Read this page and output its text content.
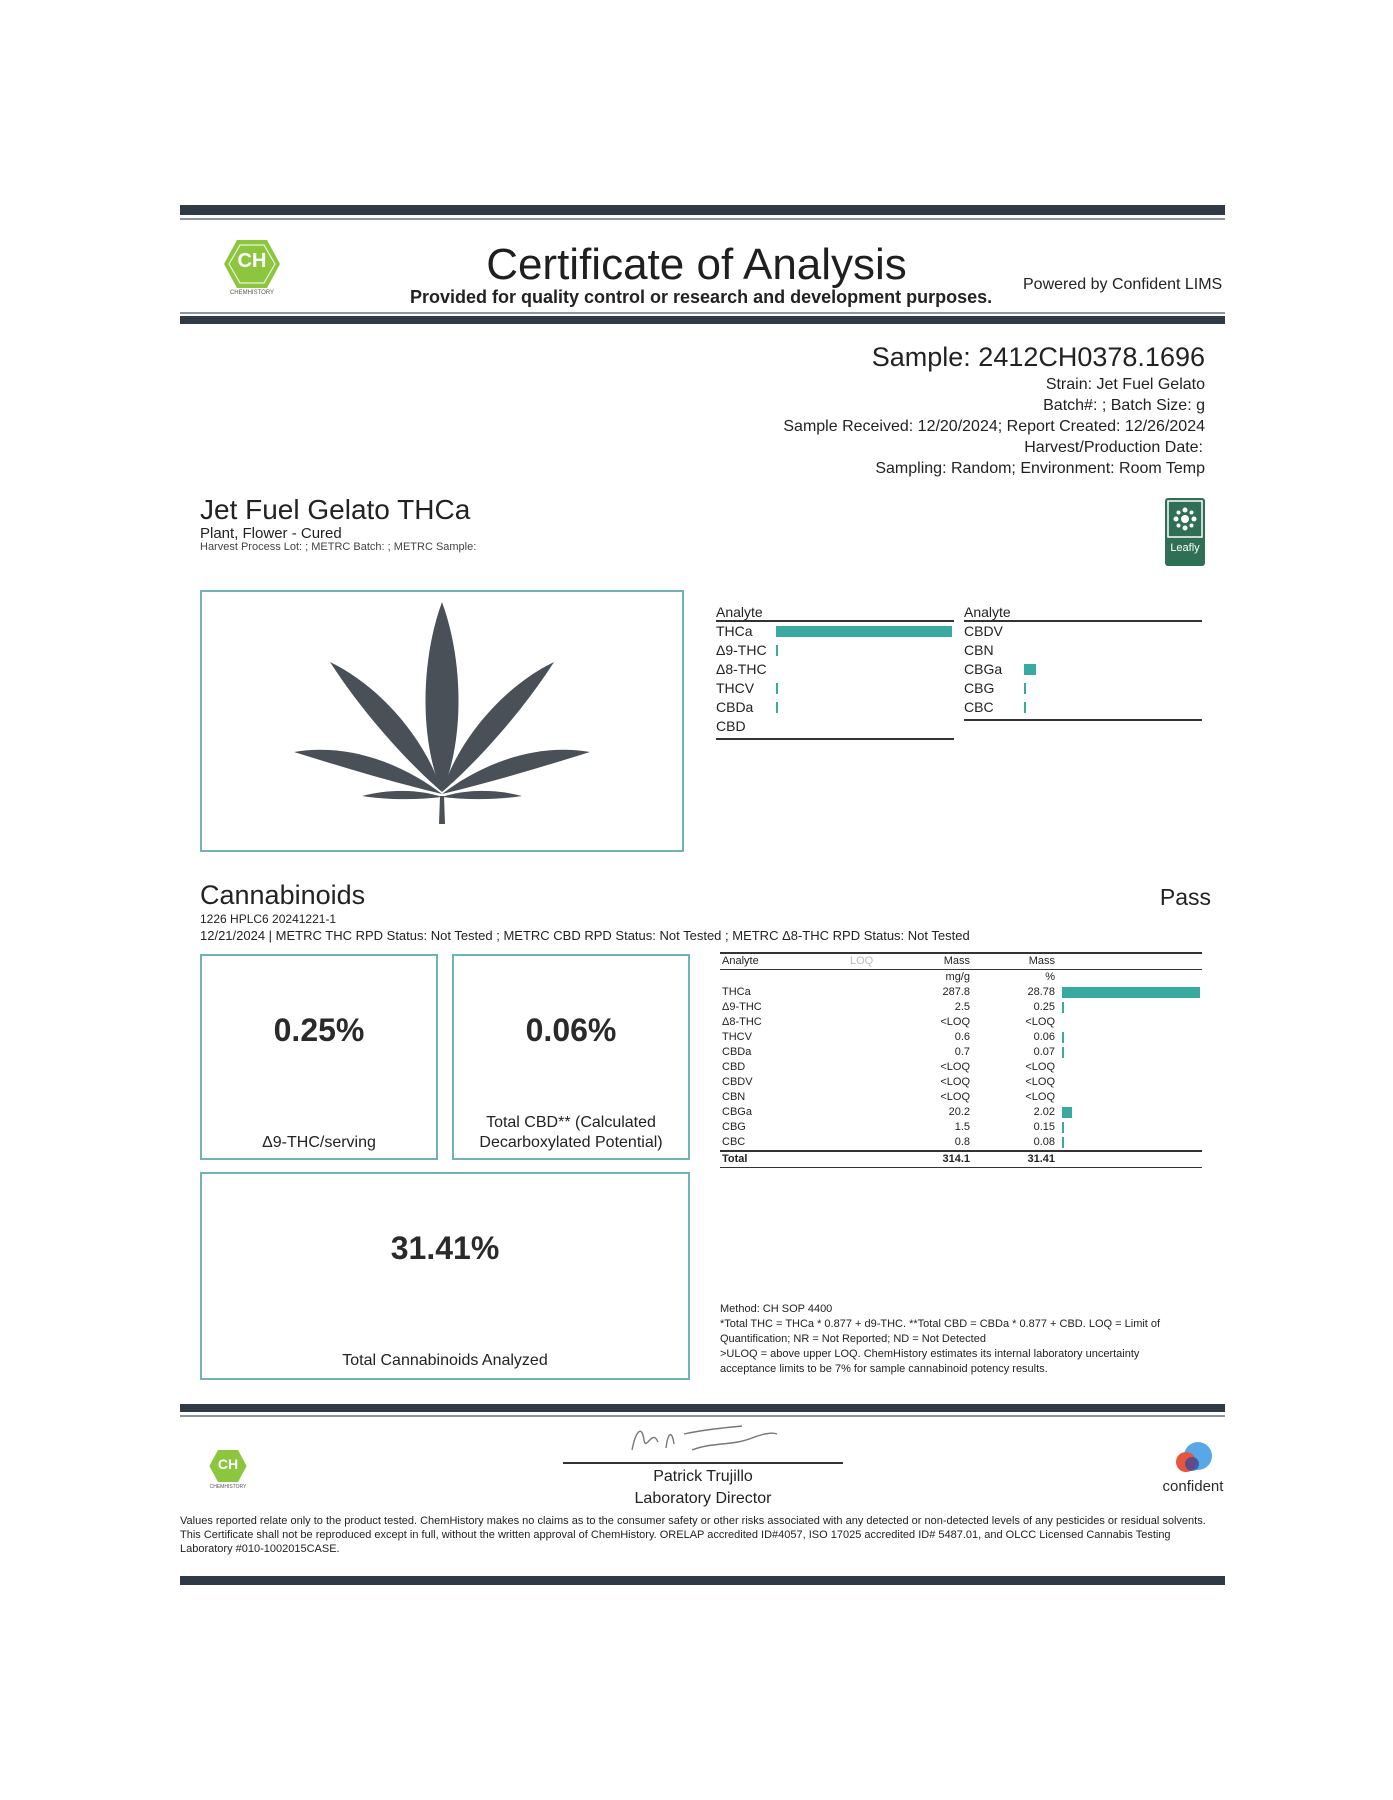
CH
CHEMHISTORY
Certificate of Analysis
Provided for quality control or research and development purposes.
Powered by Confident LIMS
Sample: 2412CH0378.1696
Strain: Jet Fuel Gelato
Batch#: ; Batch Size: g
Sample Received: 12/20/2024; Report Created: 12/26/2024
Harvest/Production Date:
Sampling: Random; Environment: Room Temp
Jet Fuel Gelato THCa
Plant, Flower - Cured
Harvest Process Lot: ; METRC Batch: ; METRC Sample:	Leafly
Analyte
THCa
Δ9-THC
Δ8-THC
THCV
CBDa
CBD
Analyte
CBDV
CBN
CBGa
CBG
CBC
Cannabinoids	Pass
1226 HPLC6 20241221-1
12/21/2024 | METRC THC RPD Status: Not Tested ; METRC CBD RPD Status: Not Tested ; METRC Δ8-THC RPD Status: Not Tested
0.25%
Δ9-THC/serving
0.06%
Total CBD** (Calculated
Decarboxylated Potential)
31.41%
Total Cannabinoids Analyzed
Analyte	LOQ	Mass	Mass
mg/g	%
THCa	287.8	28.78
Δ9-THC	2.5	0.25
Δ8-THC	<LOQ	<LOQ
THCV	0.6	0.06
CBDa	0.7	0.07
CBD	<LOQ	<LOQ
CBDV	<LOQ	<LOQ
CBN	<LOQ	<LOQ
CBGa	20.2	2.02
CBG	1.5	0.15
CBC	0.8	0.08
Total	314.1	31.41
Method: CH SOP 4400
*Total THC = THCa * 0.877 + d9-THC. **Total CBD = CBDa * 0.877 + CBD. LOQ = Limit of
Quantification; NR = Not Reported; ND = Not Detected
>ULOQ = above upper LOQ. ChemHistory estimates its internal laboratory uncertainty
acceptance limits to be 7% for sample cannabinoid potency results.
CH
CHEMHISTORY
Patrick Trujillo
Laboratory Director
confident
Values reported relate only to the product tested. ChemHistory makes no claims as to the consumer safety or other risks associated with any detected or non-detected levels of any pesticides or residual solvents. This Certificate shall not be reproduced except in full, without the written approval of ChemHistory. ORELAP accredited ID#4057, ISO 17025 accredited ID# 5487.01, and OLCC Licensed Cannabis Testing Laboratory #010-1002015CASE.
